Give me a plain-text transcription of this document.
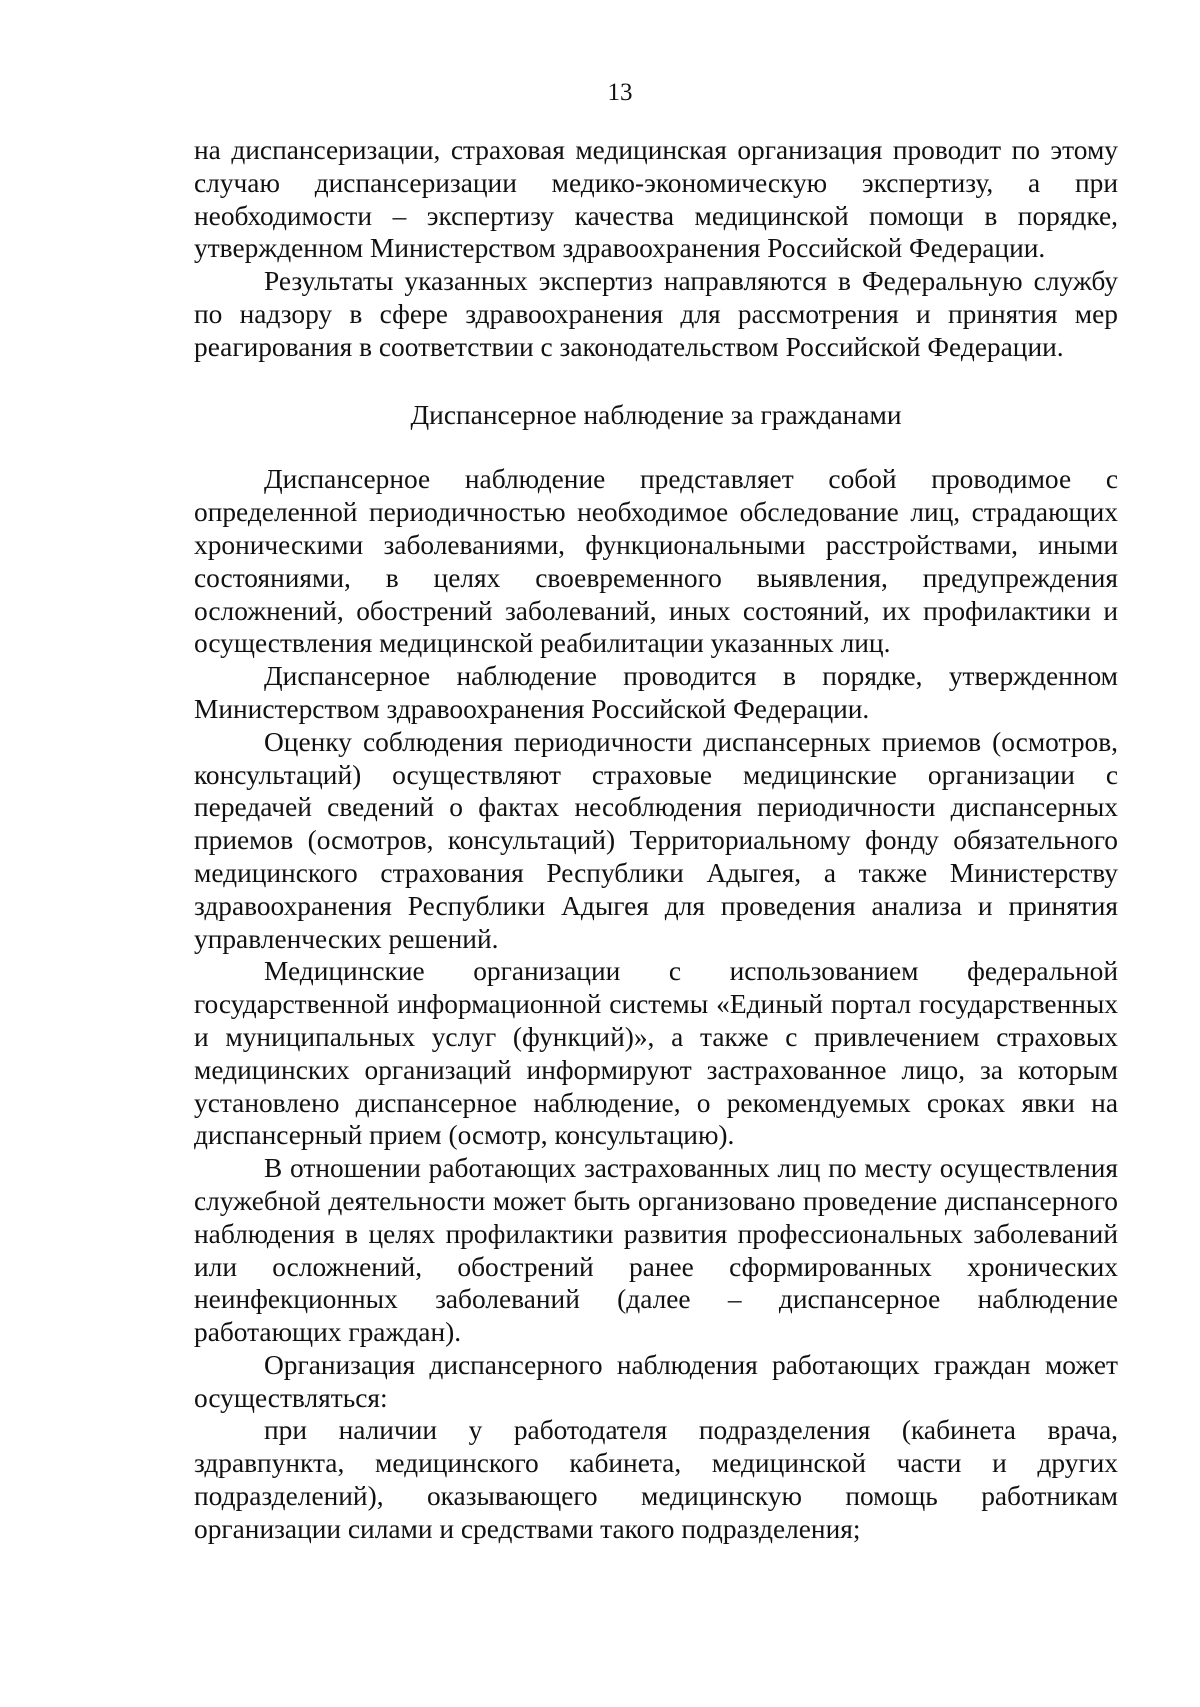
13

на диспансеризации, страховая медицинская организация проводит по этому случаю диспансеризации медико-экономическую экспертизу, а при необходимости – экспертизу качества медицинской помощи в порядке, утвержденном Министерством здравоохранения Российской Федерации.

Результаты указанных экспертиз направляются в Федеральную службу по надзору в сфере здравоохранения для рассмотрения и принятия мер реагирования в соответствии с законодательством Российской Федерации.

Диспансерное наблюдение за гражданами

Диспансерное наблюдение представляет собой проводимое с определенной периодичностью необходимое обследование лиц, страдающих хроническими заболеваниями, функциональными расстройствами, иными состояниями, в целях своевременного выявления, предупреждения осложнений, обострений заболеваний, иных состояний, их профилактики и осуществления медицинской реабилитации указанных лиц.

Диспансерное наблюдение проводится в порядке, утвержденном Министерством здравоохранения Российской Федерации.

Оценку соблюдения периодичности диспансерных приемов (осмотров, консультаций) осуществляют страховые медицинские организации с передачей сведений о фактах несоблюдения периодичности диспансерных приемов (осмотров, консультаций) Территориальному фонду обязательного медицинского страхования Республики Адыгея, а также Министерству здравоохранения Республики Адыгея для проведения анализа и принятия управленческих решений.

Медицинские организации с использованием федеральной государственной информационной системы «Единый портал государственных и муниципальных услуг (функций)», а также с привлечением страховых медицинских организаций информируют застрахованное лицо, за которым установлено диспансерное наблюдение, о рекомендуемых сроках явки на диспансерный прием (осмотр, консультацию).

В отношении работающих застрахованных лиц по месту осуществления служебной деятельности может быть организовано проведение диспансерного наблюдения в целях профилактики развития профессиональных заболеваний или осложнений, обострений ранее сформированных хронических неинфекционных заболеваний (далее – диспансерное наблюдение работающих граждан).

Организация диспансерного наблюдения работающих граждан может осуществляться:

при наличии у работодателя подразделения (кабинета врача, здравпункта, медицинского кабинета, медицинской части и других подразделений), оказывающего медицинскую помощь работникам организации силами и средствами такого подразделения;
